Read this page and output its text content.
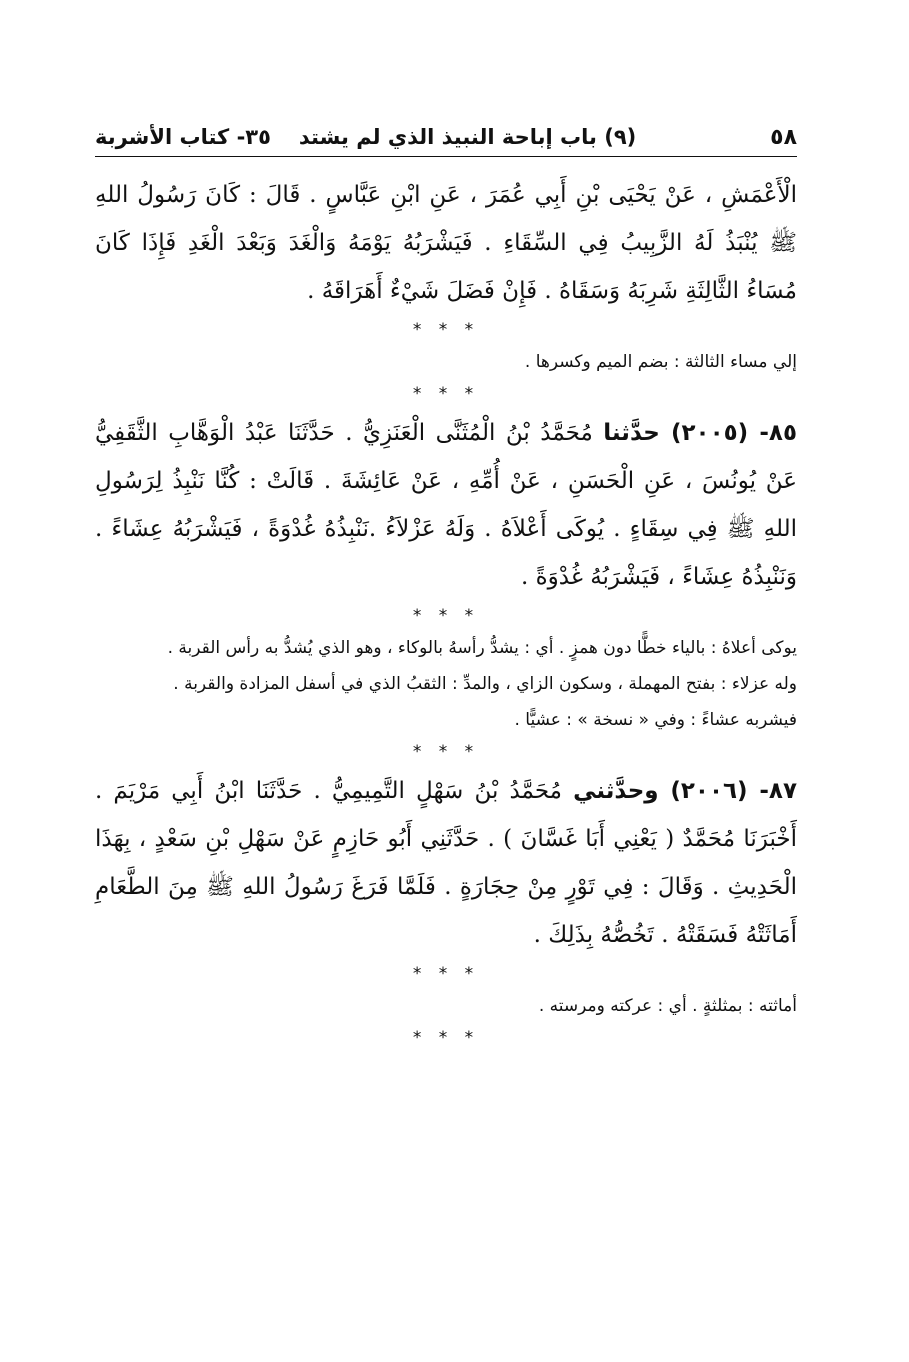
٥٨
(٩) باب إباحة النبيذ الذي لم يشتد
٣٥- كتاب الأشربة

الْأَعْمَشِ ، عَنْ يَحْيَى بْنِ أَبِي عُمَرَ ، عَنِ ابْنِ عَبَّاسٍ . قَالَ : كَانَ رَسُولُ اللهِ ﷺ يُنْبَذُ لَهُ الزَّبِيبُ فِي السِّقَاءِ . فَيَشْرَبُهُ يَوْمَهُ وَالْغَدَ وَبَعْدَ الْغَدِ فَإِذَا كَانَ مُسَاءُ الثَّالِثَةِ شَرِبَهُ وَسَقَاهُ . فَإِنْ فَضَلَ شَيْءٌ أَهَرَاقَهُ .

* * *

إلي مساء الثالثة : بضم الميم وكسرها .

* * *

٨٥- (٢٠٠٥) حدَّثنا مُحَمَّدُ بْنُ الْمُثَنَّى الْعَنَزِيُّ . حَدَّثَنَا عَبْدُ الْوَهَّابِ الثَّقَفِيُّ عَنْ يُونُسَ ، عَنِ الْحَسَنِ ، عَنْ أُمِّهِ ، عَنْ عَائِشَةَ . قَالَتْ : كُنَّا نَنْبِذُ لِرَسُولِ اللهِ ﷺ فِي سِقَاءٍ . يُوكَى أَعْلاَهُ . وَلَهُ عَزْلاَءُ .نَنْبِذُهُ غُدْوَةً ، فَيَشْرَبُهُ عِشَاءً . وَنَنْبِذُهُ عِشَاءً ، فَيَشْرَبُهُ غُدْوَةً .

* * *

يوكى أعلاهُ : بالياء خطًّا دون همزٍ . أي : يشدُّ رأسهُ بالوكاء ، وهو الذي يُشدُّ به رأس القربة .

وله عزلاء : بفتح المهملة ، وسكون الزاي ، والمدِّ : الثقبُ الذي في أسفل المزادة والقربة .

فيشربه عشاءً : وفي « نسخة » : عشيًّا .

* * *

٨٧- (٢٠٠٦) وحدَّثني مُحَمَّدُ بْنُ سَهْلٍ التَّمِيمِيُّ . حَدَّثَنَا ابْنُ أَبِي مَرْيَمَ . أَخْبَرَنَا مُحَمَّدٌ ( يَعْنِي أَبَا غَسَّانَ ) . حَدَّثَنِي أَبُو حَازِمٍ عَنْ سَهْلِ بْنِ سَعْدٍ ، بِهَذَا الْحَدِيثِ . وَقَالَ : فِي تَوْرٍ مِنْ حِجَارَةٍ . فَلَمَّا فَرَغَ رَسُولُ اللهِ ﷺ مِنَ الطَّعَامِ أَمَاثَتْهُ فَسَقَتْهُ . تَخُصُّهُ بِذَلِكَ .

* * *

أماثته : بمثلثةٍ . أي : عركته ومرسته .

* * *
